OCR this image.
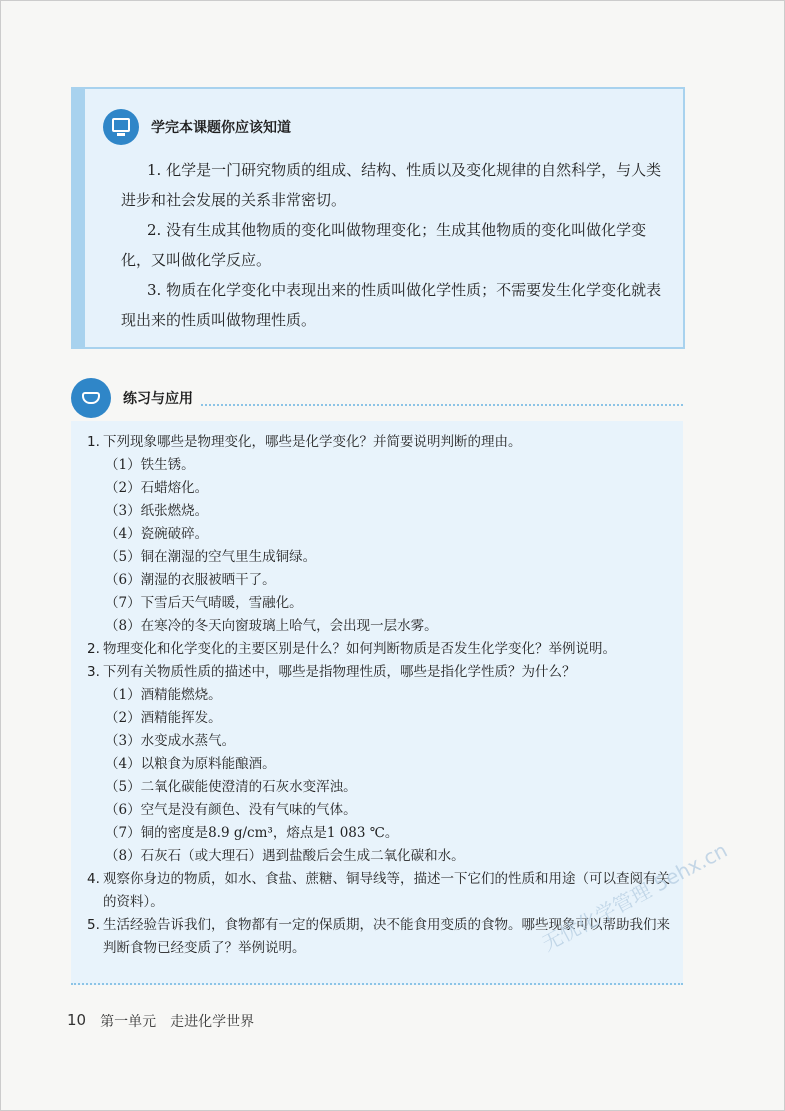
学完本课题你应该知道

1. 化学是一门研究物质的组成、结构、性质以及变化规律的自然科学，与人类进步和社会发展的关系非常密切。

2. 没有生成其他物质的变化叫做物理变化；生成其他物质的变化叫做化学变化，又叫做化学反应。

3. 物质在化学变化中表现出来的性质叫做化学性质；不需要发生化学变化就表现出来的性质叫做物理性质。

练习与应用
1. 下列现象哪些是物理变化，哪些是化学变化？并简要说明判断的理由。
（1）铁生锈。
（2）石蜡熔化。
（3）纸张燃烧。
（4）瓷碗破碎。
（5）铜在潮湿的空气里生成铜绿。
（6）潮湿的衣服被晒干了。
（7）下雪后天气晴暖，雪融化。
（8）在寒冷的冬天向窗玻璃上哈气，会出现一层水雾。
2. 物理变化和化学变化的主要区别是什么？如何判断物质是否发生化学变化？举例说明。
3. 下列有关物质性质的描述中，哪些是指物理性质，哪些是指化学性质？为什么？
（1）酒精能燃烧。
（2）酒精能挥发。
（3）水变成水蒸气。
（4）以粮食为原料能酿酒。
（5）二氧化碳能使澄清的石灰水变浑浊。
（6）空气是没有颜色、没有气味的气体。
（7）铜的密度是8.9 g/cm³，熔点是1 083 ℃。
（8）石灰石（或大理石）遇到盐酸后会生成二氧化碳和水。
4. 观察你身边的物质，如水、食盐、蔗糖、铜导线等，描述一下它们的性质和用途（可以查阅有关的资料）。
5. 生活经验告诉我们，食物都有一定的保质期，决不能食用变质的食物。哪些现象可以帮助我们来判断食物已经变质了？举例说明。	无忧化学管理 5ehx.cn
10 第一单元 走进化学世界
